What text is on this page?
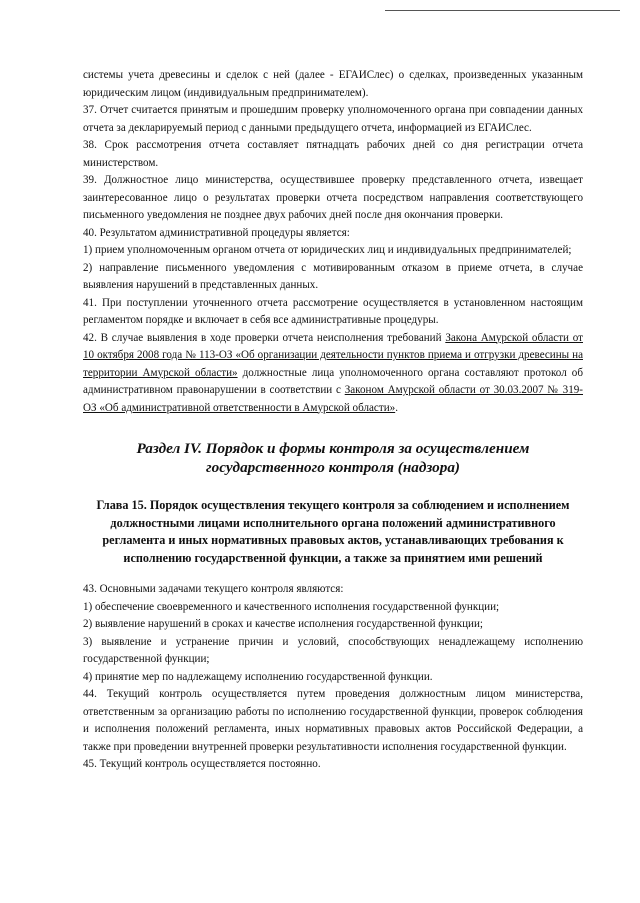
системы учета древесины и сделок с ней (далее - ЕГАИСлес) о сделках, произведенных указанным юридическим лицом (индивидуальным предпринимателем).

37. Отчет считается принятым и прошедшим проверку уполномоченного органа при совпадении данных отчета за декларируемый период с данными предыдущего отчета, информацией из ЕГАИСлес.

38. Срок рассмотрения отчета составляет пятнадцать рабочих дней со дня регистрации отчета министерством.

39. Должностное лицо министерства, осуществившее проверку представленного отчета, извещает заинтересованное лицо о результатах проверки отчета посредством направления соответствующего письменного уведомления не позднее двух рабочих дней после дня окончания проверки.

40. Результатом административной процедуры является:

1) прием уполномоченным органом отчета от юридических лиц и индивидуальных предпринимателей;

2) направление письменного уведомления с мотивированным отказом в приеме отчета, в случае выявления нарушений в представленных данных.

41. При поступлении уточненного отчета рассмотрение осуществляется в установленном настоящим регламентом порядке и включает в себя все административные процедуры.

42. В случае выявления в ходе проверки отчета неисполнения требований Закона Амурской области от 10 октября 2008 года № 113-ОЗ «Об организации деятельности пунктов приема и отгрузки древесины на территории Амурской области» должностные лица уполномоченного органа составляют протокол об административном правонарушении в соответствии с Законом Амурской области от 30.03.2007 № 319-ОЗ «Об административной ответственности в Амурской области».

Раздел IV. Порядок и формы контроля за осуществлением государственного контроля (надзора)
Глава 15. Порядок осуществления текущего контроля за соблюдением и исполнением должностными лицами исполнительного органа положений административного регламента и иных нормативных правовых актов, устанавливающих требования к исполнению государственной функции, а также за принятием ими решений

43. Основными задачами текущего контроля являются:

1) обеспечение своевременного и качественного исполнения государственной функции;

2) выявление нарушений в сроках и качестве исполнения государственной функции;

3) выявление и устранение причин и условий, способствующих ненадлежащему исполнению государственной функции;

4) принятие мер по надлежащему исполнению государственной функции.

44. Текущий контроль осуществляется путем проведения должностным лицом министерства, ответственным за организацию работы по исполнению государственной функции, проверок соблюдения и исполнения положений регламента, иных нормативных правовых актов Российской Федерации, а также при проведении внутренней проверки результативности исполнения государственной функции.

45. Текущий контроль осуществляется постоянно.
